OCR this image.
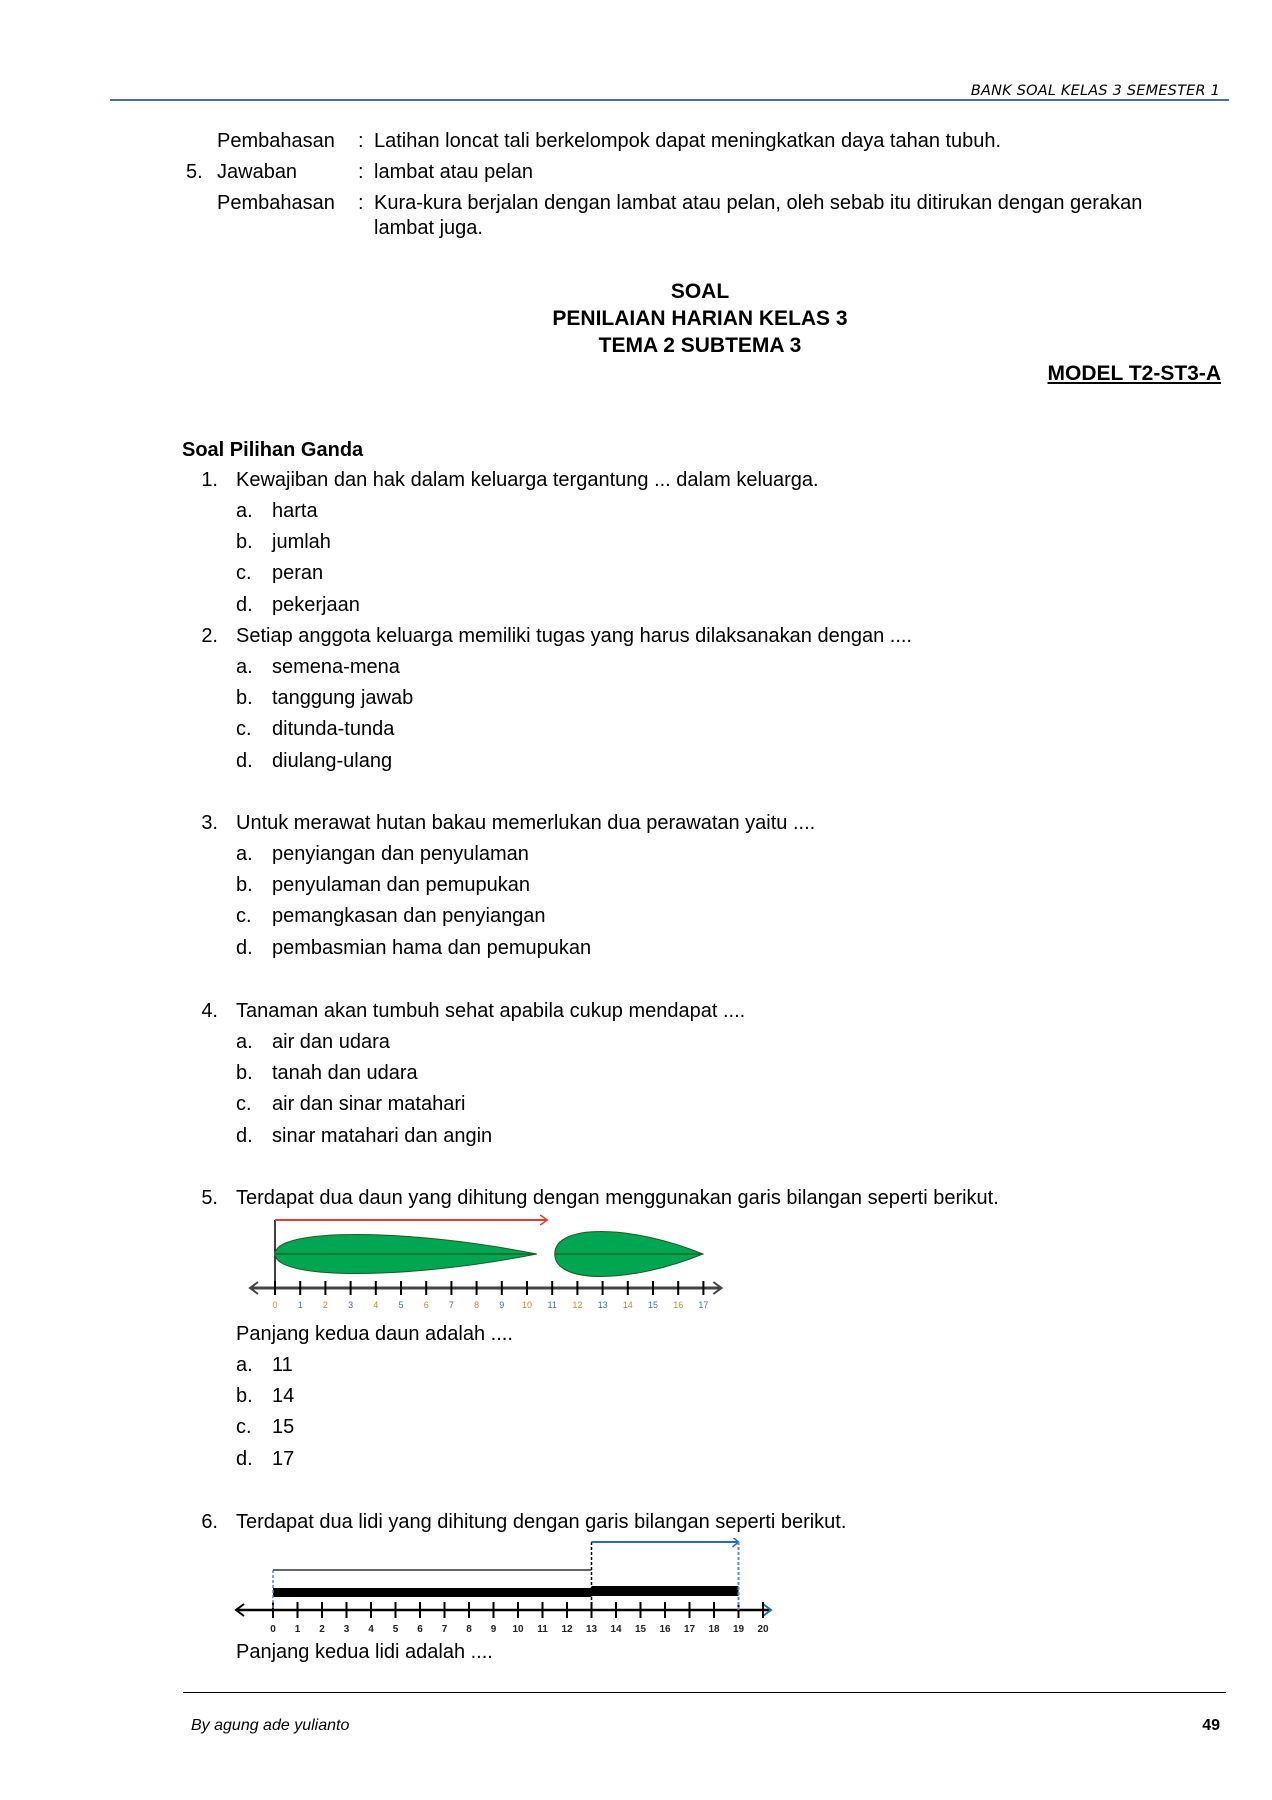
BANK SOAL KELAS 3 SEMESTER 1
Pembahasan : Latihan loncat tali berkelompok dapat meningkatkan daya tahan tubuh.
5. Jawaban	: lambat atau pelan
Pembahasan : Kura-kura berjalan dengan lambat atau pelan, oleh sebab itu ditirukan dengan gerakan
lambat juga.
SOAL
PENILAIAN HARIAN KELAS 3
TEMA 2 SUBTEMA 3
MODEL T2-ST3-A
Soal Pilihan Ganda
1. Kewajiban dan hak dalam keluarga tergantung ... dalam keluarga.
a. harta
b. jumlah
c. peran
d. pekerjaan
2. Setiap anggota keluarga memiliki tugas yang harus dilaksanakan dengan ....
a. semena-mena
b. tanggung jawab
c. ditunda-tunda
d. diulang-ulang
3. Untuk merawat hutan bakau memerlukan dua perawatan yaitu ....
a. penyiangan dan penyulaman
b. penyulaman dan pemupukan
c. pemangkasan dan penyiangan
d. pembasmian hama dan pemupukan
4. Tanaman akan tumbuh sehat apabila cukup mendapat ....
a. air dan udara
b. tanah dan udara
c. air dan sinar matahari
d. sinar matahari dan angin
5. Terdapat dua daun yang dihitung dengan menggunakan garis bilangan seperti berikut.
Panjang kedua daun adalah ....
a. 11
b. 14
c. 15
d. 17
6. Terdapat dua lidi yang dihitung dengan garis bilangan seperti berikut.
Panjang kedua lidi adalah ....
0 1 2 3 4 5 6 7 8 9 10 11 12 13 14 15 16 17
0 1 2 3 4 5 6 7 8 9 10 11 12 13 14 15 16 17 18 19 20
By agung ade yulianto	49
